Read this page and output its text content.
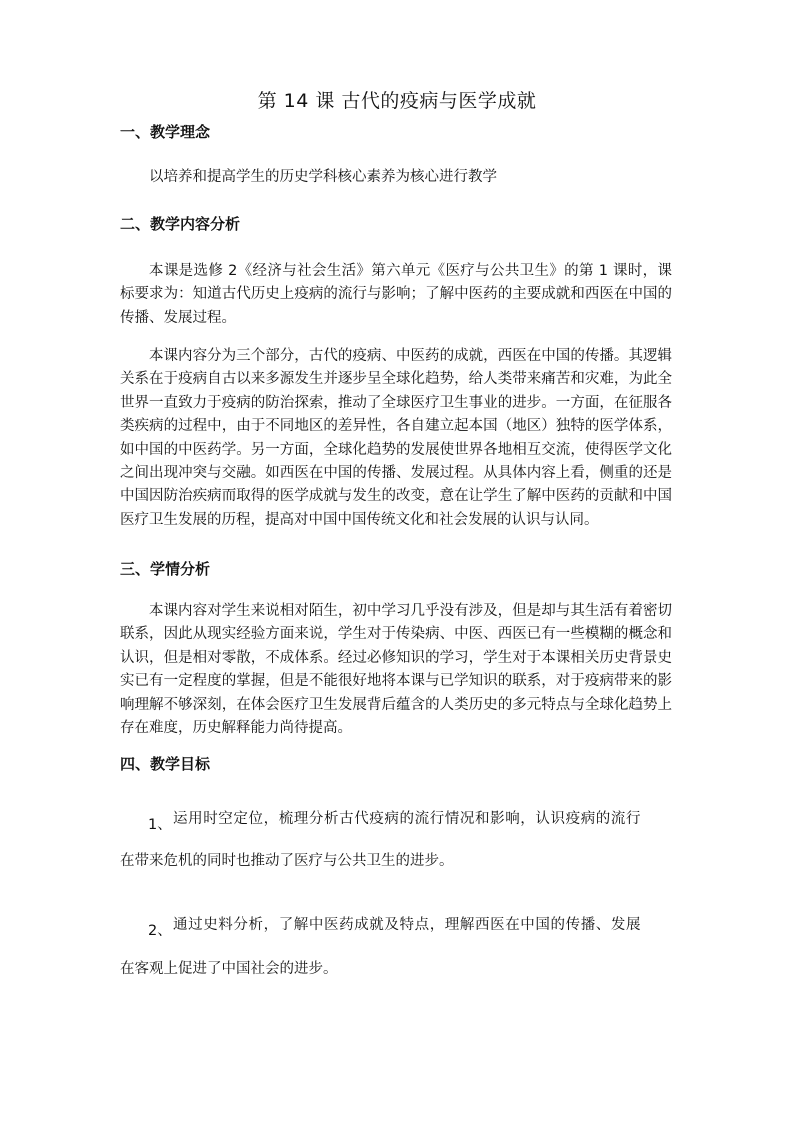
第 14 课 古代的疫病与医学成就
一、教学理念

以培养和提高学生的历史学科核心素养为核心进行教学

二、教学内容分析

本课是选修 2《经济与社会生活》第六单元《医疗与公共卫生》的第 1 课时，课标要求为：知道古代历史上疫病的流行与影响；了解中医药的主要成就和西医在中国的传播、发展过程。

本课内容分为三个部分，古代的疫病、中医药的成就，西医在中国的传播。其逻辑关系在于疫病自古以来多源发生并逐步呈全球化趋势，给人类带来痛苦和灾难，为此全世界一直致力于疫病的防治探索，推动了全球医疗卫生事业的进步。一方面，在征服各类疾病的过程中，由于不同地区的差异性，各自建立起本国（地区）独特的医学体系，如中国的中医药学。另一方面，全球化趋势的发展使世界各地相互交流，使得医学文化之间出现冲突与交融。如西医在中国的传播、发展过程。从具体内容上看，侧重的还是中国因防治疾病而取得的医学成就与发生的改变，意在让学生了解中医药的贡献和中国医疗卫生发展的历程，提高对中国中国传统文化和社会发展的认识与认同。

三、学情分析

本课内容对学生来说相对陌生，初中学习几乎没有涉及，但是却与其生活有着密切联系，因此从现实经验方面来说，学生对于传染病、中医、西医已有一些模糊的概念和认识，但是相对零散，不成体系。经过必修知识的学习，学生对于本课相关历史背景史实已有一定程度的掌握，但是不能很好地将本课与已学知识的联系，对于疫病带来的影响理解不够深刻，在体会医疗卫生发展背后蕴含的人类历史的多元特点与全球化趋势上存在难度，历史解释能力尚待提高。

四、教学目标
1、 运用时空定位，梳理分析古代疫病的流行情况和影响，认识疫病的流行
在带来危机的同时也推动了医疗与公共卫生的进步。
2、 通过史料分析，了解中医药成就及特点，理解西医在中国的传播、发展
在客观上促进了中国社会的进步。
